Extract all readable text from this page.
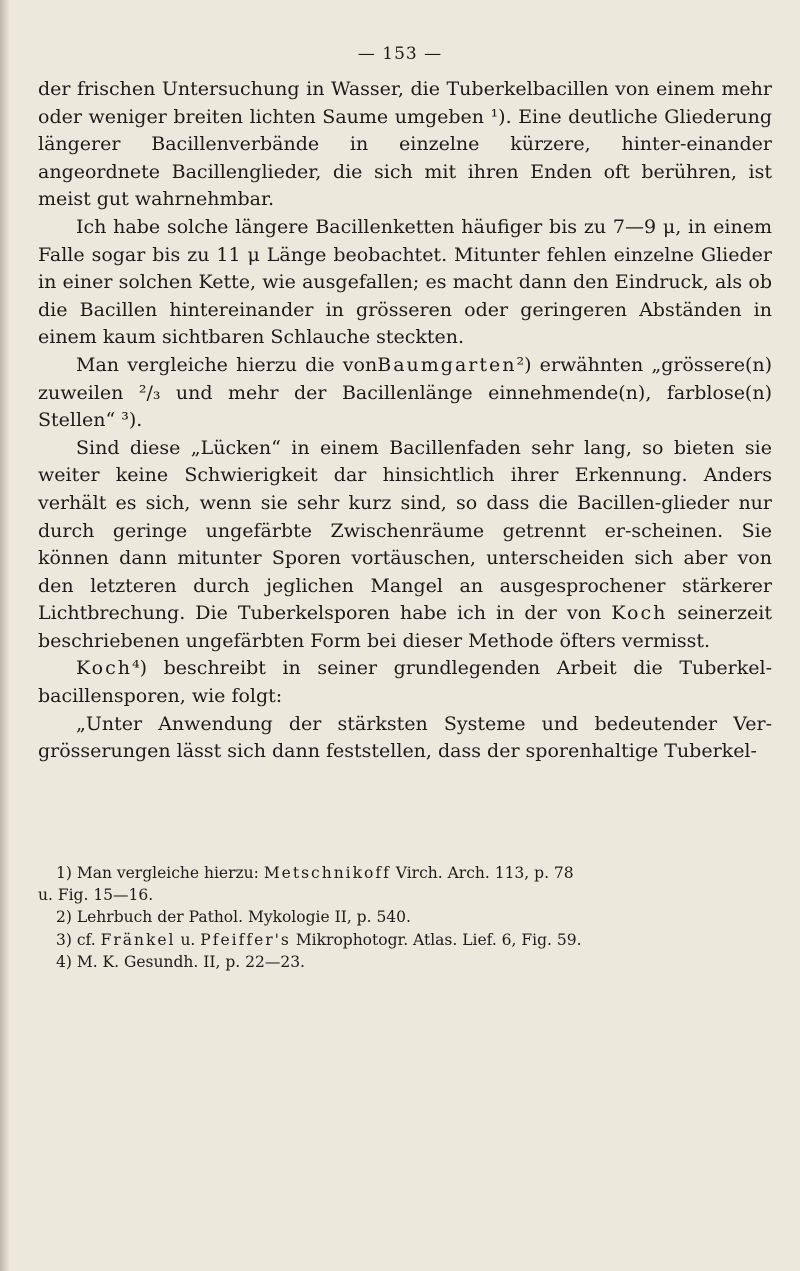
— 153 —

der frischen Untersuchung in Wasser, die Tuberkelbacillen von einem mehr oder weniger breiten lichten Saume umgeben ¹). Eine deutliche Gliederung längerer Bacillenverbände in einzelne kürzere, hinter-einander angeordnete Bacillenglieder, die sich mit ihren Enden oft berühren, ist meist gut wahrnehmbar.

Ich habe solche längere Bacillenketten häufiger bis zu 7—9 μ, in einem Falle sogar bis zu 11 μ Länge beobachtet. Mitunter fehlen einzelne Glieder in einer solchen Kette, wie ausgefallen; es macht dann den Eindruck, als ob die Bacillen hintereinander in grösseren oder geringeren Abständen in einem kaum sichtbaren Schlauche steckten.

Man vergleiche hierzu die vonBaumgarten²) erwähnten „grössere(n) zuweilen ²/₃ und mehr der Bacillenlänge einnehmende(n), farblose(n) Stellen“ ³).

Sind diese „Lücken“ in einem Bacillenfaden sehr lang, so bieten sie weiter keine Schwierigkeit dar hinsichtlich ihrer Erkennung. Anders verhält es sich, wenn sie sehr kurz sind, so dass die Bacillen-glieder nur durch geringe ungefärbte Zwischenräume getrennt er-scheinen. Sie können dann mitunter Sporen vortäuschen, unterscheiden sich aber von den letzteren durch jeglichen Mangel an ausgesprochener stärkerer Lichtbrechung. Die Tuberkelsporen habe ich in der von Koch seinerzeit beschriebenen ungefärbten Form bei dieser Methode öfters vermisst.

Koch⁴) beschreibt in seiner grundlegenden Arbeit die Tuberkel-bacillensporen, wie folgt:

„Unter Anwendung der stärksten Systeme und bedeutender Ver-grösserungen lässt sich dann feststellen, dass der sporenhaltige Tuberkel-

1) Man vergleiche hierzu: Metschnikoff Virch. Arch. 113, p. 78

u. Fig. 15—16.

2) Lehrbuch der Pathol. Mykologie II, p. 540.

3) cf. Fränkel u. Pfeiffer's Mikrophotogr. Atlas. Lief. 6, Fig. 59.

4) M. K. Gesundh. II, p. 22—23.
